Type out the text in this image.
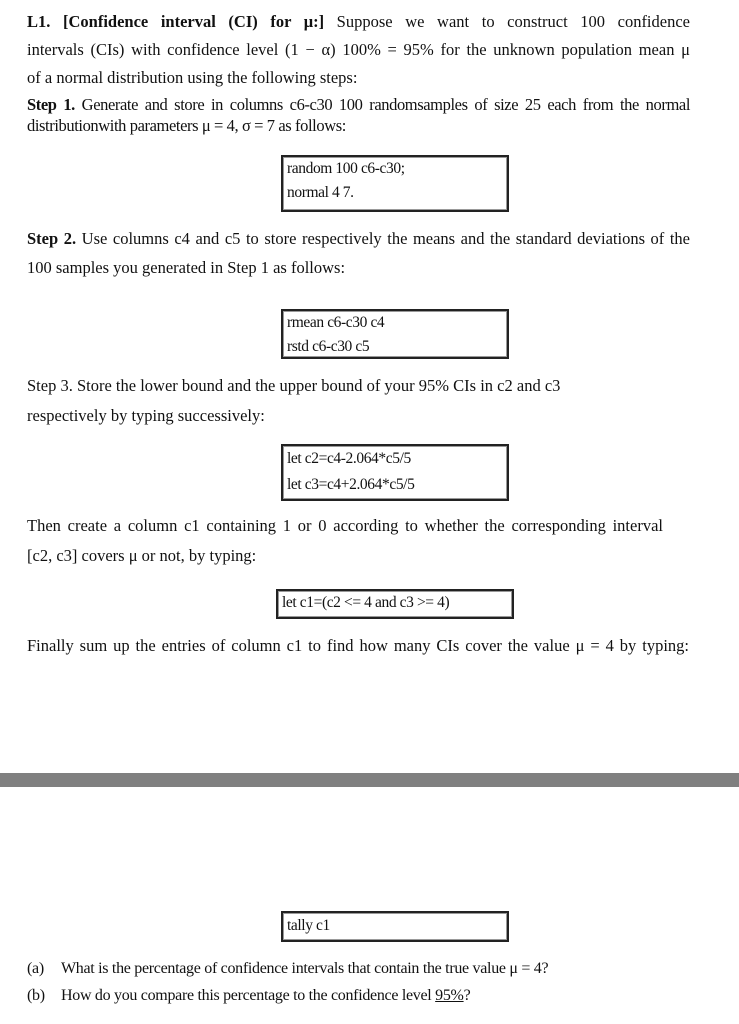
L1. [Confidence interval (CI) for μ:] Suppose we want to construct 100 confidence
intervals (CIs) with confidence level (1 − α) 100% = 95% for the unknown population mean μ
of a normal distribution using the following steps:
Step 1. Generate and store in columns c6-c30 100 randomsamples of size 25 each from the normal
distributionwith parameters μ = 4, σ = 7 as follows:
random 100 c6-c30;
normal 4 7.
Step 2. Use columns c4 and c5 to store respectively the means and the standard deviations of the
100 samples you generated in Step 1 as follows:
rmean c6-c30 c4
rstd c6-c30 c5
Step 3. Store the lower bound and the upper bound of your 95% CIs in c2 and c3
respectively by typing successively:
let c2=c4-2.064*c5/5
let c3=c4+2.064*c5/5
Then create a column c1 containing 1 or 0 according to whether the corresponding interval
[c2, c3] covers μ or not, by typing:
let c1=(c2 <= 4 and c3 >= 4)
Finally sum up the entries of column c1 to find how many CIs cover the value μ = 4 by typing:
tally c1
(a) What is the percentage of confidence intervals that contain the true value μ = 4?
(b) How do you compare this percentage to the confidence level 95%?
